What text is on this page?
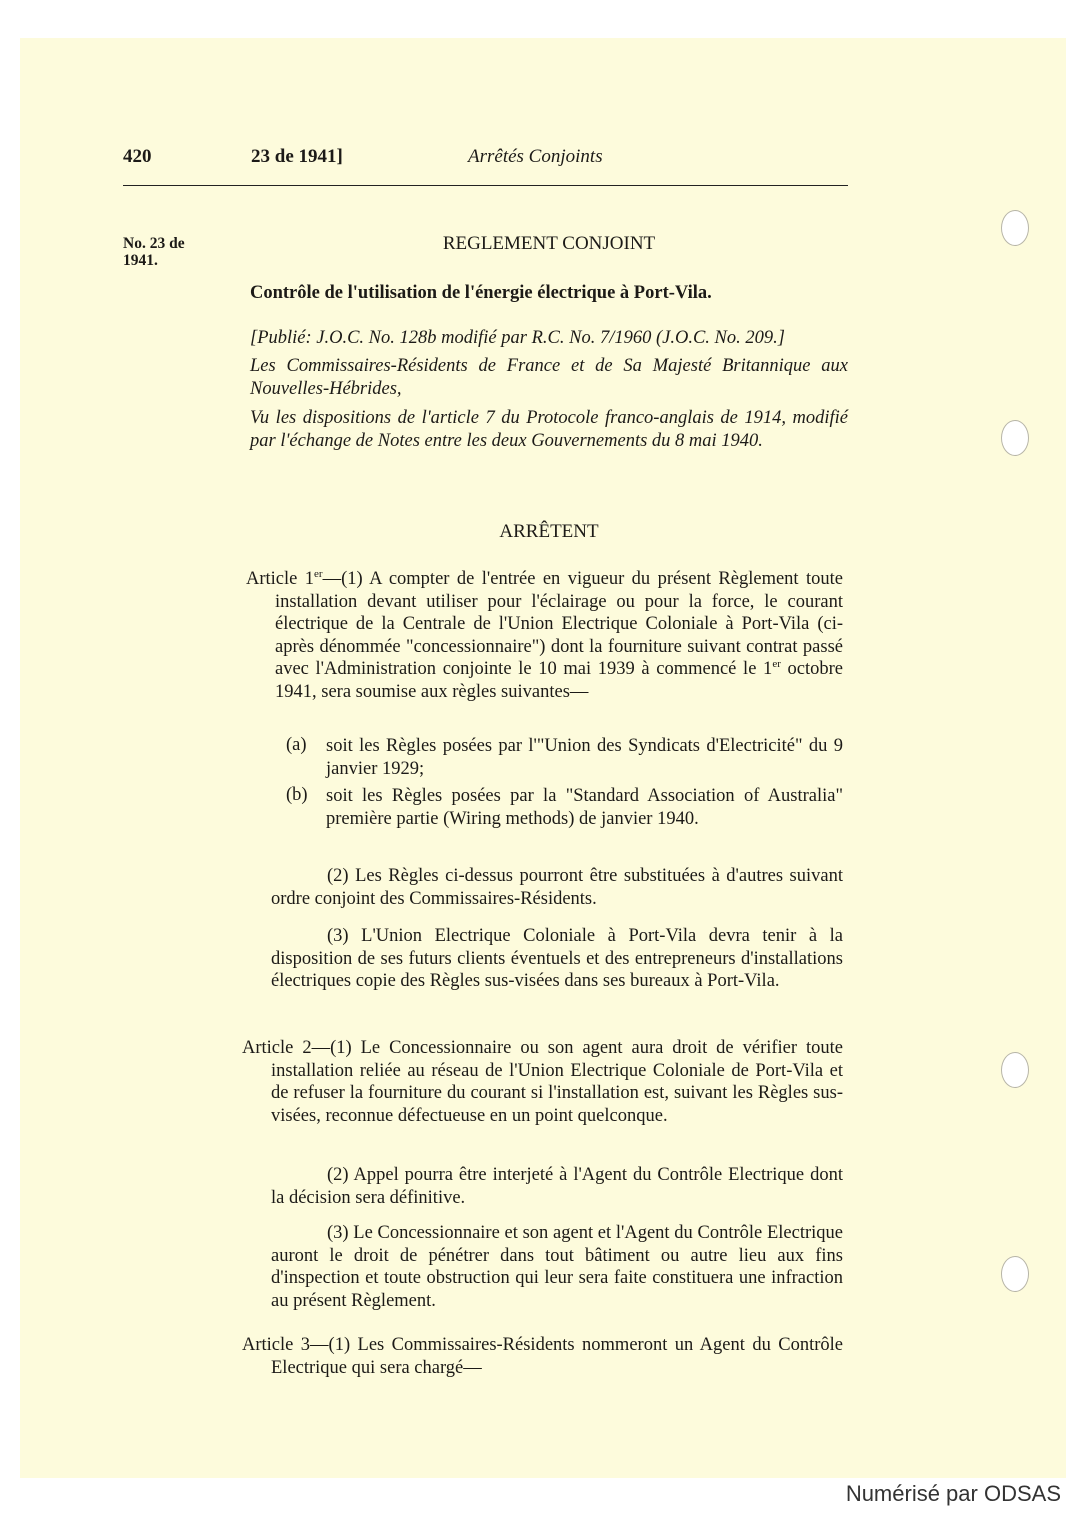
420	23 de 1941]	Arrêtés Conjoints
No. 23 de
1941.
REGLEMENT CONJOINT
Contrôle de l'utilisation de l'énergie électrique à Port-Vila.
[Publié: J.O.C. No. 128b modifié par R.C. No. 7/1960 (J.O.C. No. 209.]
Les Commissaires-Résidents de France et de Sa Majesté Britannique aux Nouvelles-Hébrides,
Vu les dispositions de l'article 7 du Protocole franco-anglais de 1914, modifié par l'échange de Notes entre les deux Gouvernements du 8 mai 1940.
ARRÊTENT
Article 1er—(1) A compter de l'entrée en vigueur du présent Règlement toute installation devant utiliser pour l'éclairage ou pour la force, le courant électrique de la Centrale de l'Union Electrique Coloniale à Port-Vila (ci-après dénommée "concessionnaire") dont la fourniture suivant contrat passé avec l'Administration conjointe le 10 mai 1939 à commencé le 1er octobre 1941, sera soumise aux règles suivantes—
(a) soit les Règles posées par l'"Union des Syndicats d'Electricité" du 9 janvier 1929;
(b) soit les Règles posées par la "Standard Association of Australia" première partie (Wiring methods) de janvier 1940.
(2) Les Règles ci-dessus pourront être substituées à d'autres suivant ordre conjoint des Commissaires-Résidents.
(3) L'Union Electrique Coloniale à Port-Vila devra tenir à la disposition de ses futurs clients éventuels et des entrepreneurs d'installations électriques copie des Règles sus-visées dans ses bureaux à Port-Vila.
Article 2—(1) Le Concessionnaire ou son agent aura droit de vérifier toute installation reliée au réseau de l'Union Electrique Coloniale de Port-Vila et de refuser la fourniture du courant si l'installation est, suivant les Règles sus-visées, reconnue défectueuse en un point quelconque.
(2) Appel pourra être interjeté à l'Agent du Contrôle Electrique dont la décision sera définitive.
(3) Le Concessionnaire et son agent et l'Agent du Contrôle Electrique auront le droit de pénétrer dans tout bâtiment ou autre lieu aux fins d'inspection et toute obstruction qui leur sera faite constituera une infraction au présent Règlement.
Article 3—(1) Les Commissaires-Résidents nommeront un Agent du Contrôle Electrique qui sera chargé—
Numérisé par ODSAS
